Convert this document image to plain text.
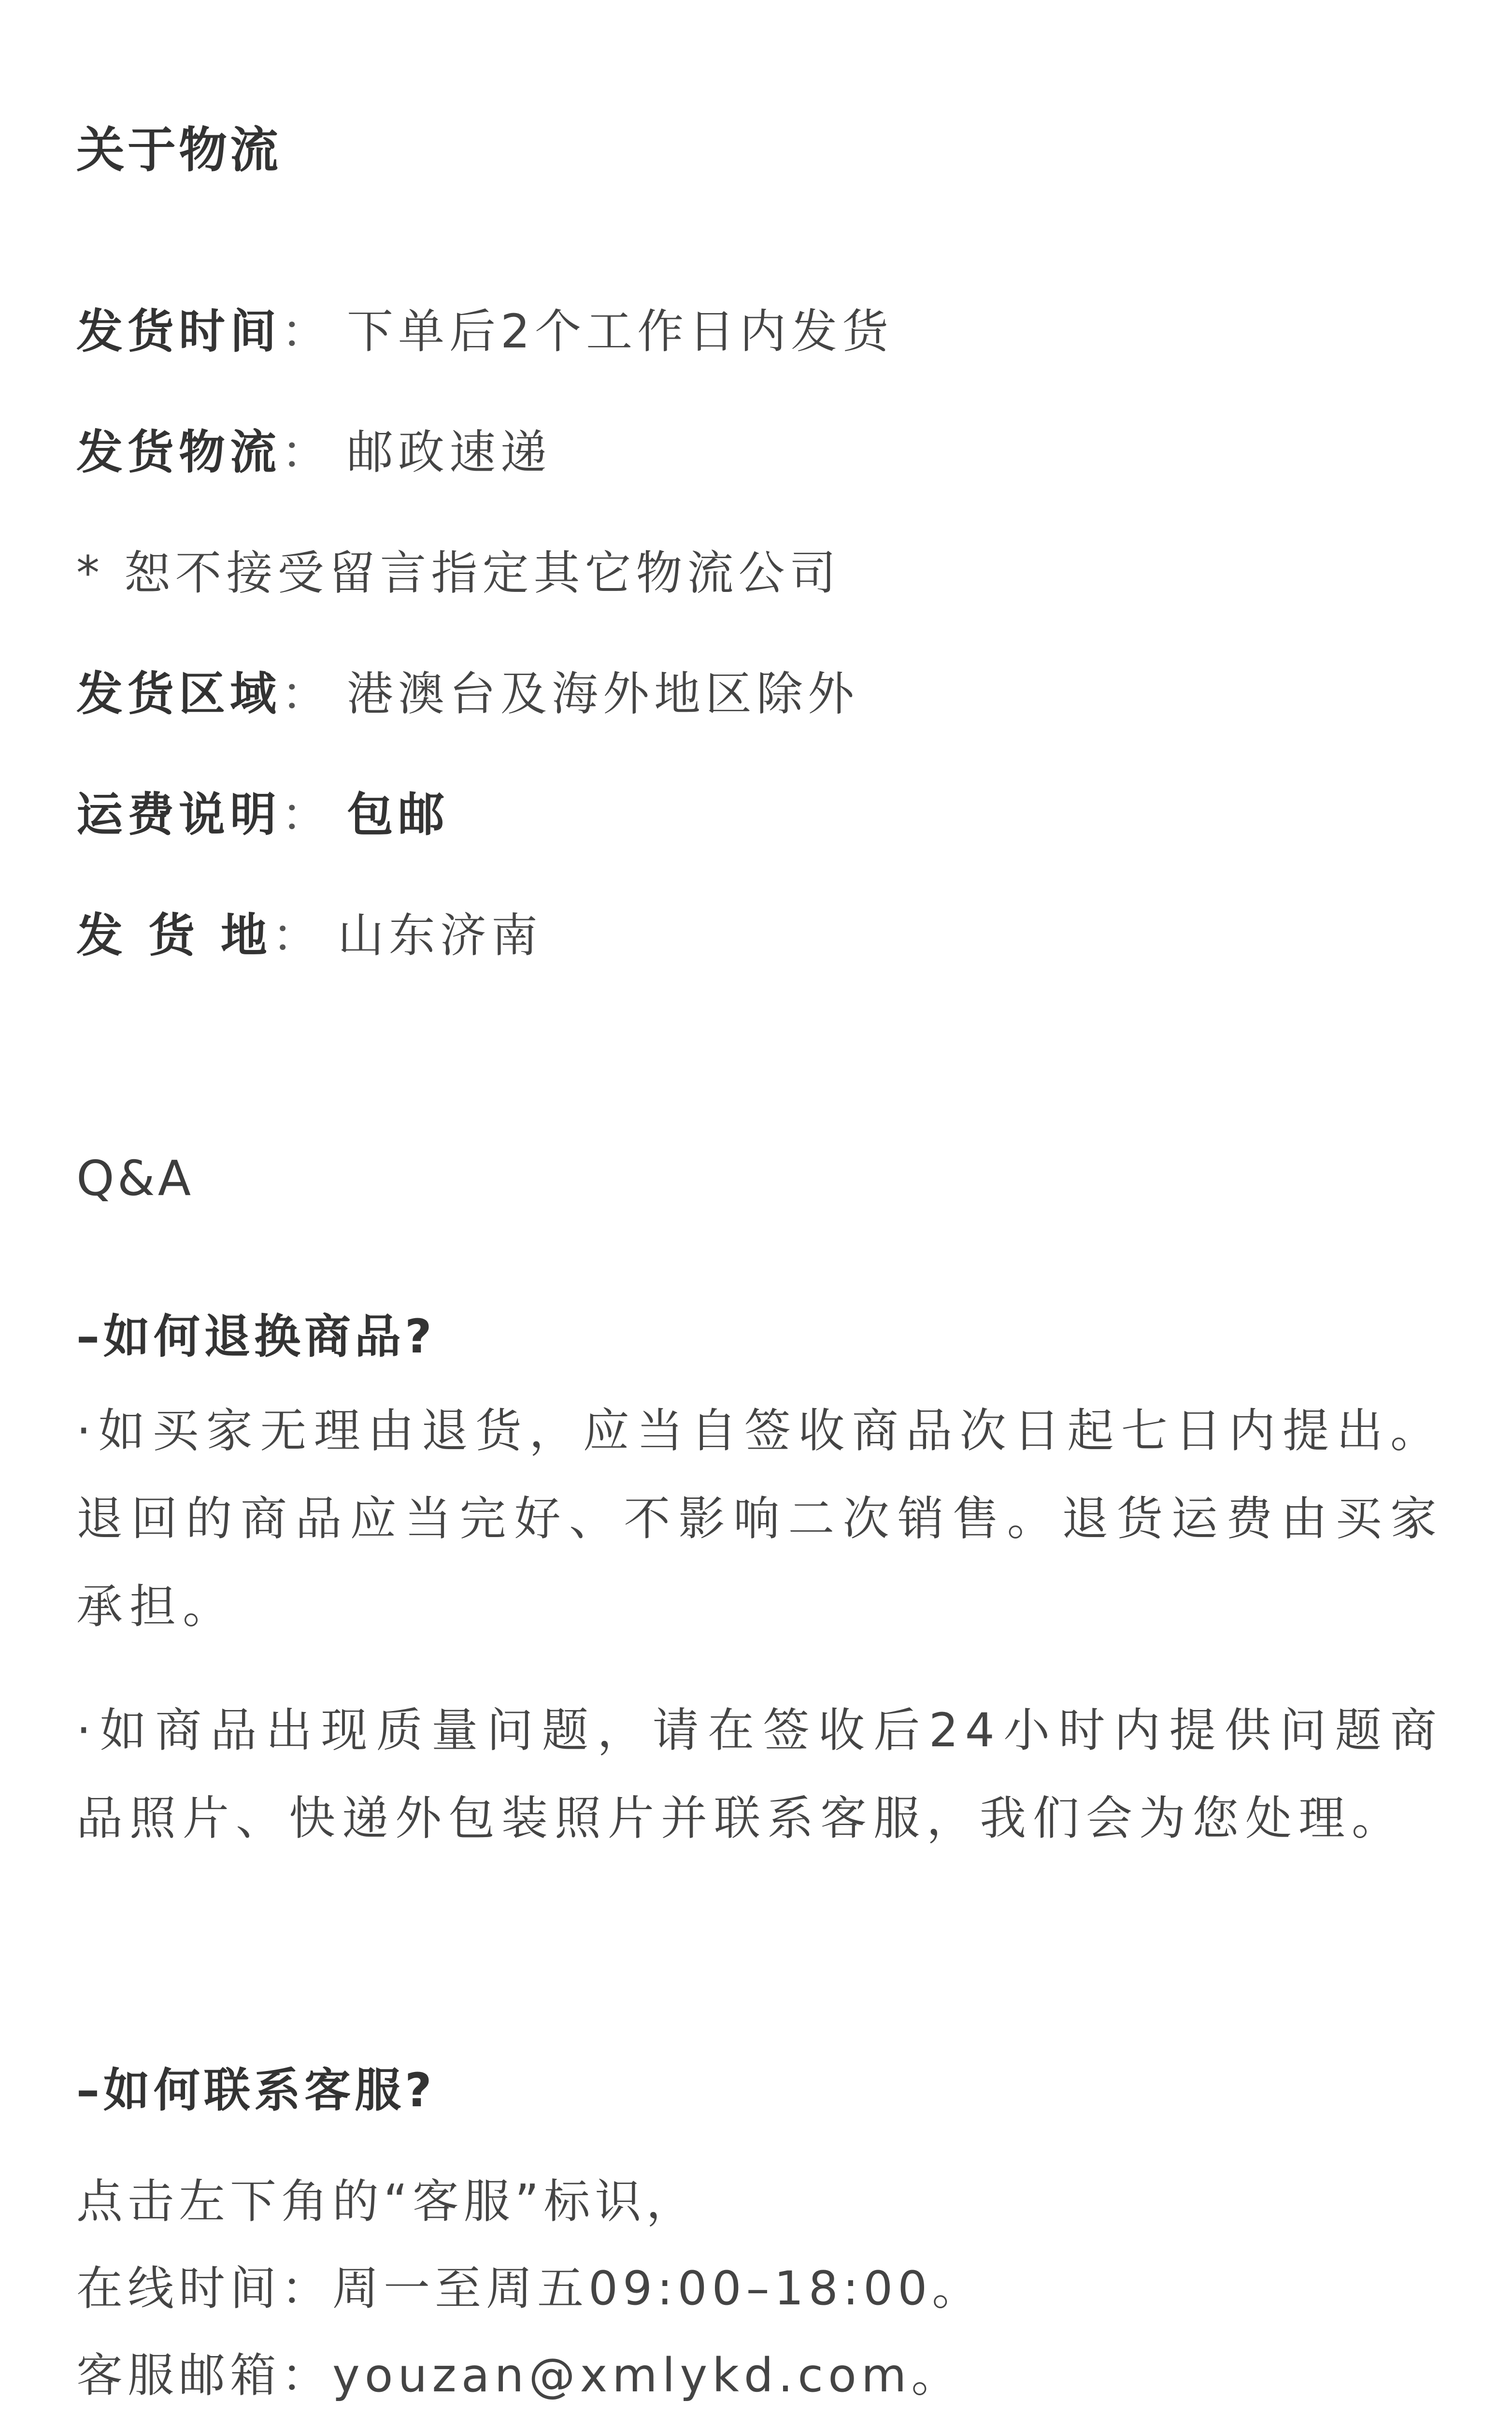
关于物流
发货时间： 下单后2个工作日内发货
发货物流： 邮政速递
* 恕不接受留言指定其它物流公司
发货区域： 港澳台及海外地区除外
运费说明： 包邮
发 货 地： 山东济南
Q&A
–如何退换商品?
·如买家无理由退货，应当自签收商品次日起七日内提出。退回的商品应当完好、不影响二次销售。退货运费由买家承担。
·如商品出现质量问题，请在签收后24小时内提供问题商品照片、快递外包装照片并联系客服，我们会为您处理。
–如何联系客服?
点击左下角的“客服”标识，
在线时间：周一至周五09:00–18:00。
客服邮箱：youzan@xmlykd.com。
